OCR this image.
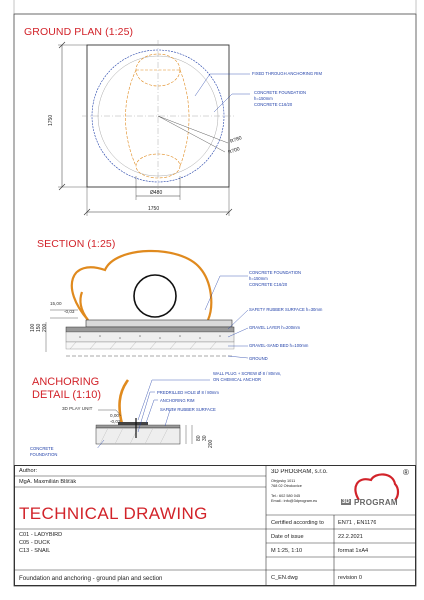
GROUND PLAN (1:25)
FIXED THROUGH ANCHORING RIM
CONCRETE FOUNDATION
h=150mm
CONCRETE C16/20
1750
1750
Ø480
R780
R700
SECTION (1:25)
CONCRETE FOUNDATION
h=150mm
CONCRETE C16/20
SAFETY RUBBER SURFACE h=30mm
GRAVEL LAYER h=200mm
GRAVEL-SAND BED h=100mm
GROUND
15,00
-0,03
100 150 200
ANCHORING
DETAIL (1:10)
WALL PLUG + SCREW Ø 8 / 80mm,
ON CHEMICAL ANCHOR
PREDRILLED HOLE Ø 8 / 80mm
ANCHORING RIM
SAFETY RUBBER SURFACE
3D PLAY UNIT
CONCRETE
FOUNDATION
0,00
-0,03
80 30
200
Author:
MgA. Maxmilián Blšťák
TECHNICAL DRAWING
C01 - LADYBIRD
C05 - DUCK
C13 - SNAIL
Foundation and anchoring - ground plan and section
3D PROGRAM, s.r.o.
Otrýpsky 1011
768 02 Otrokovice
Tel.: 602 580 045
Email.: info@3dprogram.eu	3D PROGRAM
®
Certified according to	EN71 , EN1176
Date of issue	22.2.2021
M 1:25, 1:10	format 1xA4
C_EN.dwg	revision 0
